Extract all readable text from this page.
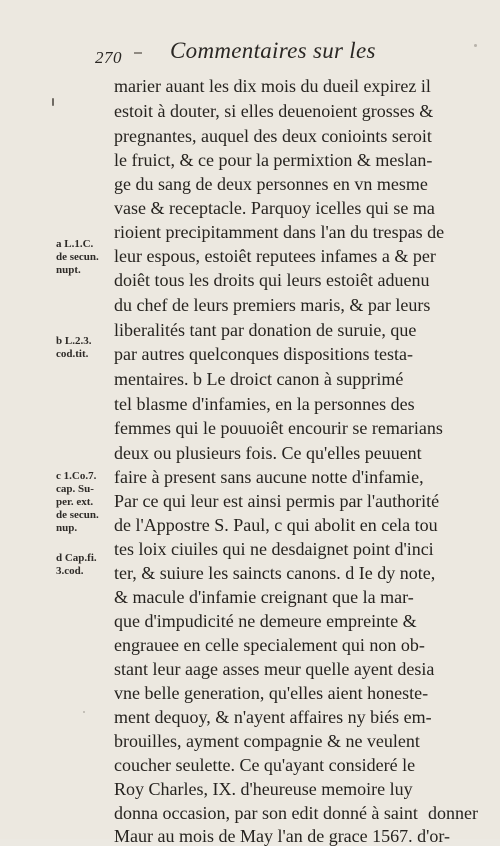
270 Commentaires sur les
marier auant les dix mois du dueil expirez il
estoit à douter, si elles deuenoient grosses &
pregnantes, auquel des deux conioints seroit
le fruict, & ce pour la permixtion & meslan-
ge du sang de deux personnes en vn mesme
vase & receptacle. Parquoy icelles qui se ma
rioient precipitamment dans l'an du trespas de
leur espous, estoiêt reputees infames a & per
doiêt tous les droits qui leurs estoiêt aduenu
du chef de leurs premiers maris, & par leurs
liberalités tant par donation de suruie, que
par autres quelconques dispositions testa-
mentaires. b Le droict canon à supprimé
tel blasme d'infamies, en la personnes des
femmes qui le pouuoiêt encourir se remarians
deux ou plusieurs fois. Ce qu'elles peuuent
faire à present sans aucune notte d'infamie,
Par ce qui leur est ainsi permis par l'authorité
de l'Appostre S. Paul, c qui abolit en cela tou
tes loix ciuiles qui ne desdaignet point d'inci
ter, & suiure les saincts canons. d Ie dy note,
& macule d'infamie creignant que la mar-
que d'impudicité ne demeure empreinte &
engrauee en celle specialement qui non ob-
stant leur aage asses meur quelle ayent desia
vne belle generation, qu'elles aient honeste-
ment dequoy, & n'ayent affaires ny biés em-
brouilles, ayment compagnie & ne veulent
coucher seulette. Ce qu'ayant consideré le
Roy Charles, IX. d'heureuse memoire luy
donna occasion, par son edit donné à saint
Maur au mois de May l'an de grace 1567. d'or-
a L.1.C.
de secun.
nupt.
b L.2.3.
cod.tit.
c 1.Co.7.
cap. Su-
per. ext.
de secun.
nup.
d Cap.fi.
3.cod.
donner
